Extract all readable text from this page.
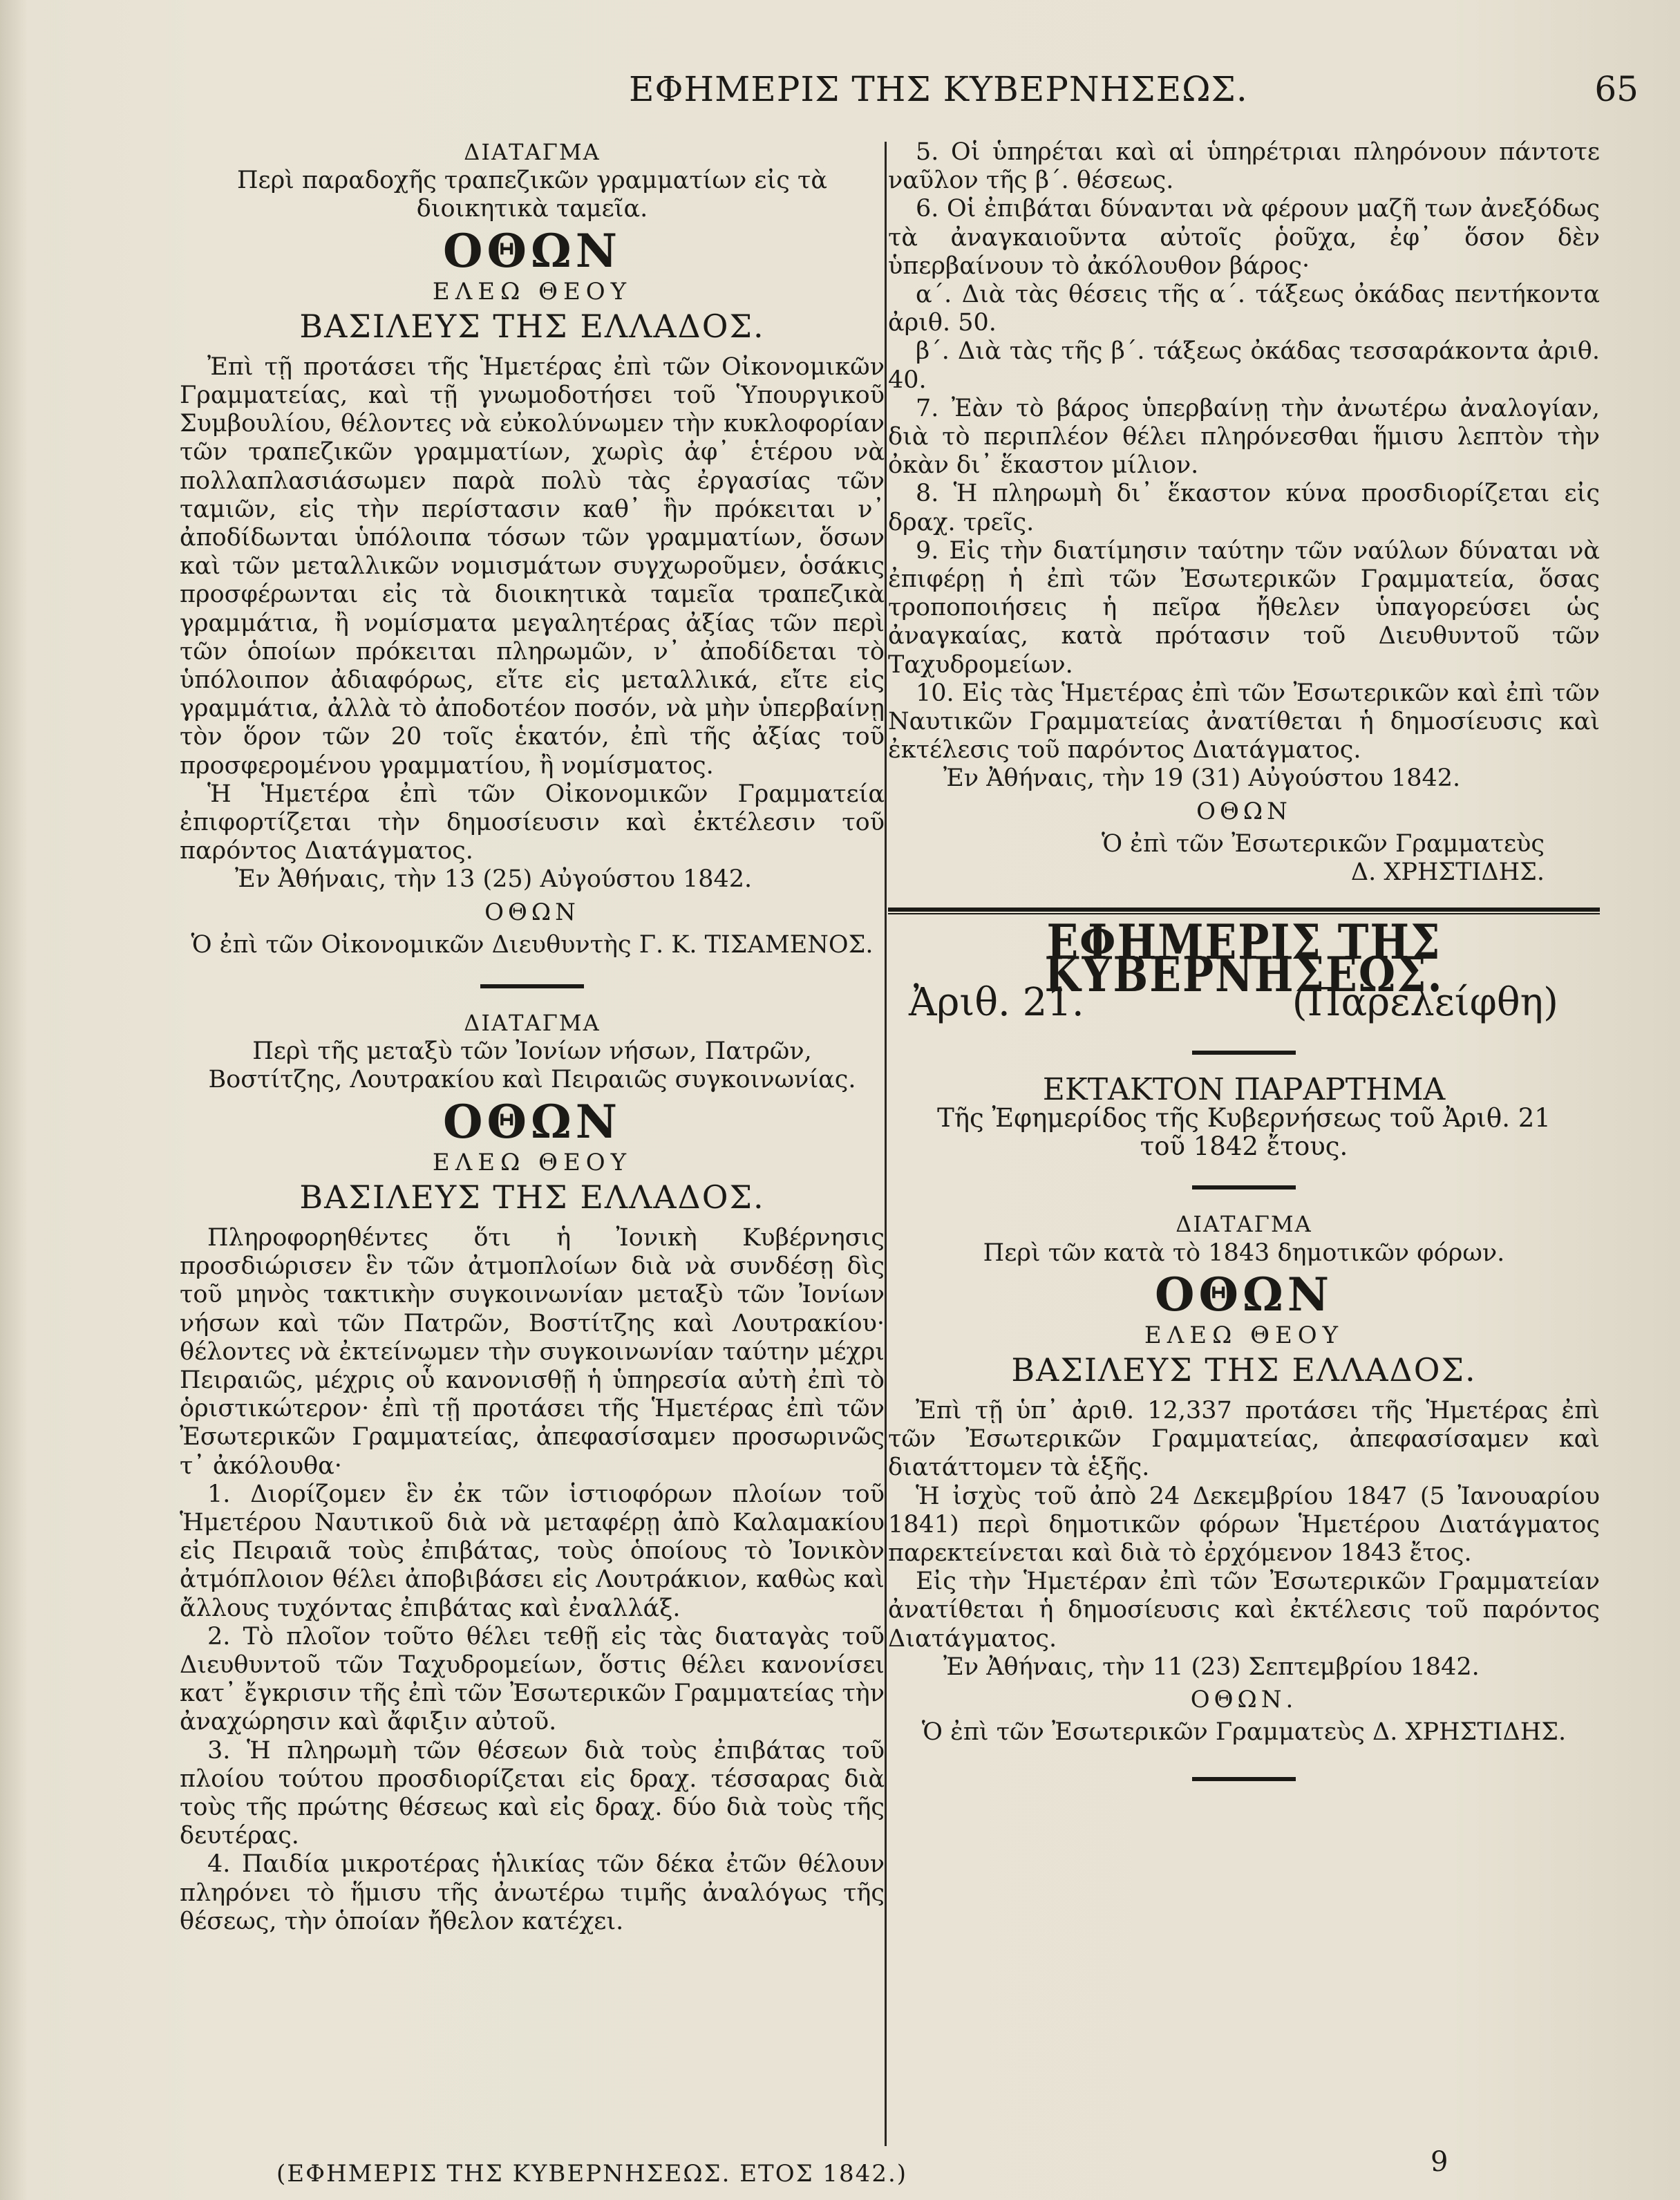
ΕΦΗΜΕΡΙΣ ΤΗΣ ΚΥΒΕΡΝΗΣΕΩΣ.	65

ΔΙΑΤΑΓΜΑ

Περὶ παραδοχῆς τραπεζικῶν γραμματίων εἰς τὰ διοικητικὰ ταμεῖα.

ΟΘΩΝ

ΕΛΕΩ ΘΕΟΥ

ΒΑΣΙΛΕΥΣ ΤΗΣ ΕΛΛΑΔΟΣ.

Ἐπὶ τῇ προτάσει τῆς Ἡμετέρας ἐπὶ τῶν Οἰκονομικῶν Γραμματείας, καὶ τῇ γνωμοδοτήσει τοῦ Ὑπουργικοῦ Συμβουλίου, θέλοντες νὰ εὐκολύνωμεν τὴν κυκλοφορίαν τῶν τραπεζικῶν γραμματίων, χωρὶς ἀφ᾽ ἑτέρου νὰ πολλαπλασιάσωμεν παρὰ πολὺ τὰς ἐργασίας τῶν ταμιῶν, εἰς τὴν περίστασιν καθ᾽ ἣν πρόκειται ν᾽ ἀποδίδωνται ὑπόλοιπα τόσων τῶν γραμματίων, ὅσων καὶ τῶν μεταλλικῶν νομισμάτων συγχωροῦμεν, ὁσάκις προσφέρωνται εἰς τὰ διοικητικὰ ταμεῖα τραπεζικὰ γραμμάτια, ἢ νομίσματα μεγαλητέρας ἀξίας τῶν περὶ τῶν ὁποίων πρόκειται πληρωμῶν, ν᾽ ἀποδίδεται τὸ ὑπόλοιπον ἀδιαφόρως, εἴτε εἰς μεταλλικά, εἴτε εἰς γραμμάτια, ἀλλὰ τὸ ἀποδοτέον ποσόν, νὰ μὴν ὑπερβαίνῃ τὸν ὅρον τῶν 20 τοῖς ἑκατόν, ἐπὶ τῆς ἀξίας τοῦ προσφερομένου γραμματίου, ἢ νομίσματος.

Ἡ Ἡμετέρα ἐπὶ τῶν Οἰκονομικῶν Γραμματεία ἐπιφορτίζεται τὴν δημοσίευσιν καὶ ἐκτέλεσιν τοῦ παρόντος Διατάγματος.

Ἐν Ἀθήναις, τὴν 13 (25) Αὐγούστου 1842.

ΟΘΩΝ

Ὁ ἐπὶ τῶν Οἰκονομικῶν Διευθυντὴς Γ. Κ. ΤΙΣΑΜΕΝΟΣ.

ΔΙΑΤΑΓΜΑ

Περὶ τῆς μεταξὺ τῶν Ἰονίων νήσων, Πατρῶν, Βοστίτζης, Λουτρακίου καὶ Πειραιῶς συγκοινωνίας.

ΟΘΩΝ

ΕΛΕΩ ΘΕΟΥ

ΒΑΣΙΛΕΥΣ ΤΗΣ ΕΛΛΑΔΟΣ.

Πληροφορηθέντες ὅτι ἡ Ἰονικὴ Κυβέρνησις προσδιώρισεν ἓν τῶν ἀτμοπλοίων διὰ νὰ συνδέσῃ δὶς τοῦ μηνὸς τακτικὴν συγκοινωνίαν μεταξὺ τῶν Ἰονίων νήσων καὶ τῶν Πατρῶν, Βοστίτζης καὶ Λουτρακίου· θέλοντες νὰ ἐκτείνωμεν τὴν συγκοινωνίαν ταύτην μέχρι Πειραιῶς, μέχρις οὗ κανονισθῇ ἡ ὑπηρεσία αὐτὴ ἐπὶ τὸ ὁριστικώτερον· ἐπὶ τῇ προτάσει τῆς Ἡμετέρας ἐπὶ τῶν Ἐσωτερικῶν Γραμματείας, ἀπεφασίσαμεν προσωρινῶς τ᾽ ἀκόλουθα·

1. Διορίζομεν ἓν ἐκ τῶν ἱστιοφόρων πλοίων τοῦ Ἡμετέρου Ναυτικοῦ διὰ νὰ μεταφέρῃ ἀπὸ Καλαμακίου εἰς Πειραιᾶ τοὺς ἐπιβάτας, τοὺς ὁποίους τὸ Ἰονικὸν ἀτμόπλοιον θέλει ἀποβιβάσει εἰς Λουτράκιον, καθὼς καὶ ἄλλους τυχόντας ἐπιβάτας καὶ ἐναλλάξ.

2. Τὸ πλοῖον τοῦτο θέλει τεθῇ εἰς τὰς διαταγὰς τοῦ Διευθυντοῦ τῶν Ταχυδρομείων, ὅστις θέλει κανονίσει κατ᾽ ἔγκρισιν τῆς ἐπὶ τῶν Ἐσωτερικῶν Γραμματείας τὴν ἀναχώρησιν καὶ ἄφιξιν αὐτοῦ.

3. Ἡ πληρωμὴ τῶν θέσεων διὰ τοὺς ἐπιβάτας τοῦ πλοίου τούτου προσδιορίζεται εἰς δραχ. τέσσαρας διὰ τοὺς τῆς πρώτης θέσεως καὶ εἰς δραχ. δύο διὰ τοὺς τῆς δευτέρας.

4. Παιδία μικροτέρας ἡλικίας τῶν δέκα ἐτῶν θέλουν πληρόνει τὸ ἥμισυ τῆς ἀνωτέρω τιμῆς ἀναλόγως τῆς θέσεως, τὴν ὁποίαν ἤθελον κατέχει.

5. Οἱ ὑπηρέται καὶ αἱ ὑπηρέτριαι πληρόνουν πάντοτε ναῦλον τῆς β΄. θέσεως.

6. Οἱ ἐπιβάται δύνανται νὰ φέρουν μαζῆ των ἀνεξόδως τὰ ἀναγκαιοῦντα αὐτοῖς ῥοῦχα, ἐφ᾽ ὅσον δὲν ὑπερβαίνουν τὸ ἀκόλουθον βάρος·

α΄. Διὰ τὰς θέσεις τῆς α΄. τάξεως ὀκάδας πεντήκοντα ἀριθ. 50.

β΄. Διὰ τὰς τῆς β΄. τάξεως ὀκάδας τεσσαράκοντα ἀριθ. 40.

7. Ἐὰν τὸ βάρος ὑπερβαίνῃ τὴν ἀνωτέρω ἀναλογίαν, διὰ τὸ περιπλέον θέλει πληρόνεσθαι ἥμισυ λεπτὸν τὴν ὀκὰν δι᾽ ἕκαστον μίλιον.

8. Ἡ πληρωμὴ δι᾽ ἕκαστον κύνα προσδιορίζεται εἰς δραχ. τρεῖς.

9. Εἰς τὴν διατίμησιν ταύτην τῶν ναύλων δύναται νὰ ἐπιφέρῃ ἡ ἐπὶ τῶν Ἐσωτερικῶν Γραμματεία, ὅσας τροποποιήσεις ἡ πεῖρα ἤθελεν ὑπαγορεύσει ὡς ἀναγκαίας, κατὰ πρότασιν τοῦ Διευθυντοῦ τῶν Ταχυδρομείων.

10. Εἰς τὰς Ἡμετέρας ἐπὶ τῶν Ἐσωτερικῶν καὶ ἐπὶ τῶν Ναυτικῶν Γραμματείας ἀνατίθεται ἡ δημοσίευσις καὶ ἐκτέλεσις τοῦ παρόντος Διατάγματος.

Ἐν Ἀθήναις, τὴν 19 (31) Αὐγούστου 1842.

ΟΘΩΝ

Ὁ ἐπὶ τῶν Ἐσωτερικῶν Γραμματεὺς

Δ. ΧΡΗΣΤΙΔΗΣ.

ΕΦΗΜΕΡΙΣ ΤΗΣ ΚΥΒΕΡΝΗΣΕΩΣ.

Ἀριθ. 21.	(Παρελείφθη)

ΕΚΤΑΚΤΟΝ ΠΑΡΑΡΤΗΜΑ

Τῆς Ἐφημερίδος τῆς Κυβερνήσεως τοῦ Ἀριθ. 21 τοῦ 1842 ἔτους.

ΔΙΑΤΑΓΜΑ

Περὶ τῶν κατὰ τὸ 1843 δημοτικῶν φόρων.

ΟΘΩΝ

ΕΛΕΩ ΘΕΟΥ

ΒΑΣΙΛΕΥΣ ΤΗΣ ΕΛΛΑΔΟΣ.

Ἐπὶ τῇ ὑπ᾽ ἀριθ. 12,337 προτάσει τῆς Ἡμετέρας ἐπὶ τῶν Ἐσωτερικῶν Γραμματείας, ἀπεφασίσαμεν καὶ διατάττομεν τὰ ἑξῆς.

Ἡ ἰσχὺς τοῦ ἀπὸ 24 Δεκεμβρίου 1847 (5 Ἰανουαρίου 1841) περὶ δημοτικῶν φόρων Ἡμετέρου Διατάγματος παρεκτείνεται καὶ διὰ τὸ ἐρχόμενον 1843 ἔτος.

Εἰς τὴν Ἡμετέραν ἐπὶ τῶν Ἐσωτερικῶν Γραμματείαν ἀνατίθεται ἡ δημοσίευσις καὶ ἐκτέλεσις τοῦ παρόντος Διατάγματος.

Ἐν Ἀθήναις, τὴν 11 (23) Σεπτεμβρίου 1842.

ΟΘΩΝ.

Ὁ ἐπὶ τῶν Ἐσωτερικῶν Γραμματεὺς Δ. ΧΡΗΣΤΙΔΗΣ.

(ΕΦΗΜΕΡΙΣ ΤΗΣ ΚΥΒΕΡΝΗΣΕΩΣ. ΕΤΟΣ 1842.)	9
